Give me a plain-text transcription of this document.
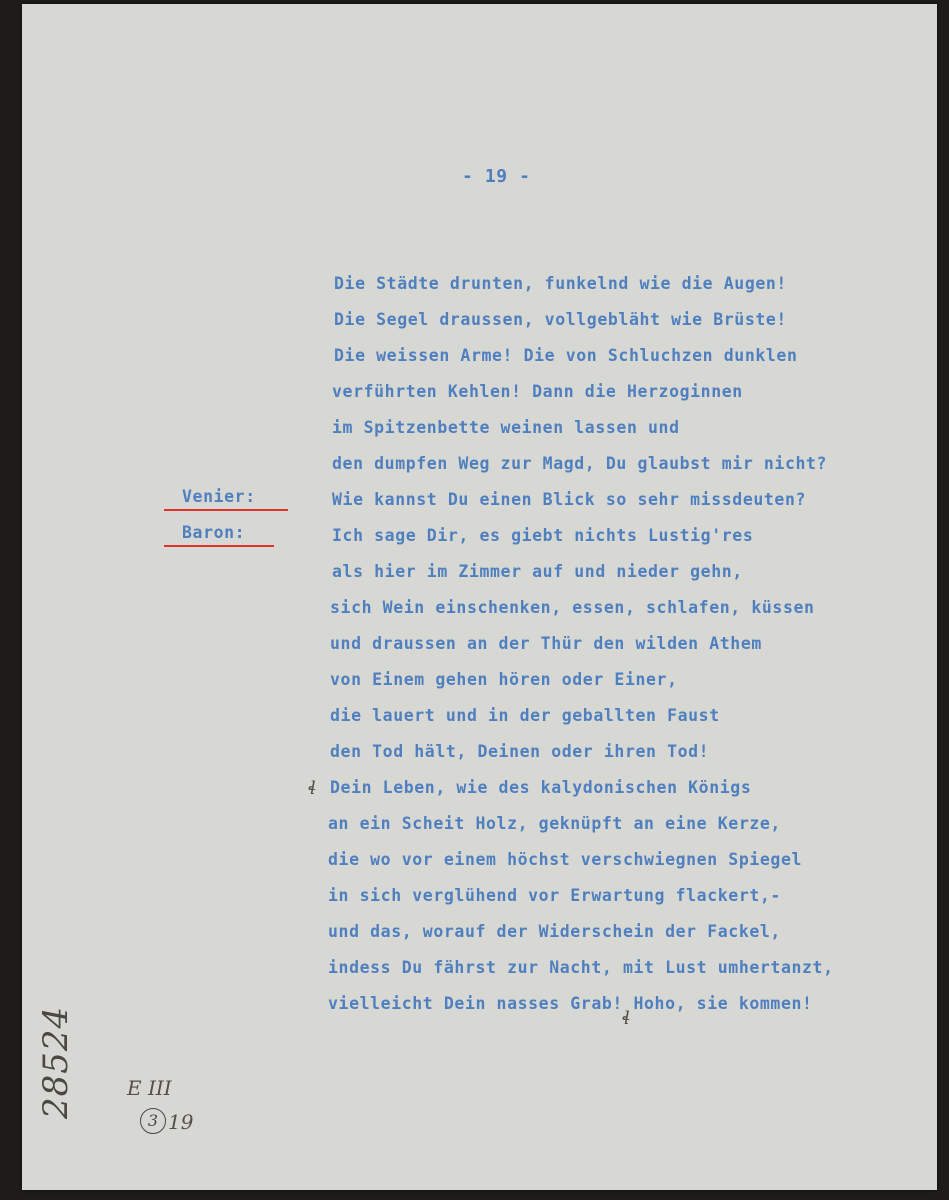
- 19 -
Venier:
Baron:
Die Städte drunten, funkelnd wie die Augen!
Die Segel draussen, vollgebläht wie Brüste!
Die weissen Arme! Die von Schluchzen dunklen
verführten Kehlen! Dann die Herzoginnen
im Spitzenbette weinen lassen und
den dumpfen Weg zur Magd, Du glaubst mir nicht?
Wie kannst Du einen Blick so sehr missdeuten?
Ich sage Dir, es giebt nichts Lustig'res
als hier im Zimmer auf und nieder gehn,
sich Wein einschenken, essen, schlafen, küssen
und draussen an der Thür den wilden Athem
von Einem gehen hören oder Einer,
die lauert und in der geballten Faust
den Tod hält, Deinen oder ihren Tod!
Dein Leben, wie des kalydonischen Königs
an ein Scheit Holz, geknüpft an eine Kerze,
die wo vor einem höchst verschwiegnen Spiegel
in sich verglühend vor Erwartung flackert,-
und das, worauf der Widerschein der Fackel,
indess Du fährst zur Nacht, mit Lust umhertanzt,
vielleicht Dein nasses Grab! Hoho, sie kommen!
ɬ
ɬ
28524	E III
3 19
